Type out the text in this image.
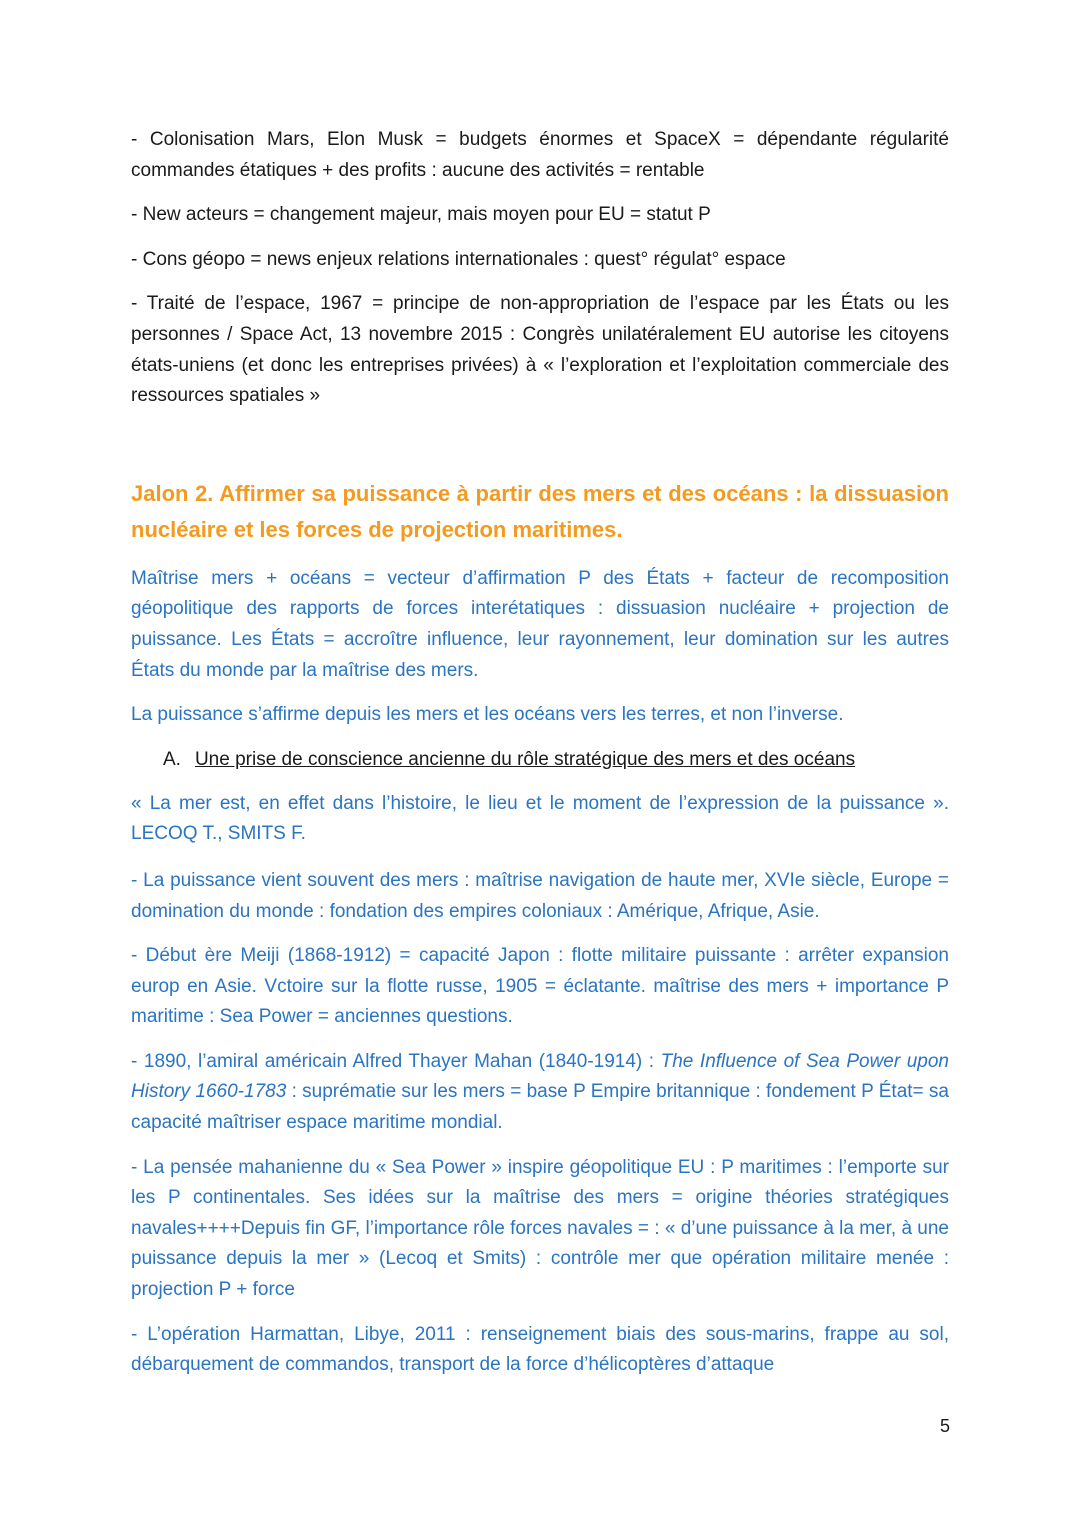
- Colonisation Mars, Elon Musk = budgets énormes et SpaceX = dépendante régularité commandes étatiques + des profits : aucune des activités = rentable

- New acteurs = changement majeur, mais moyen pour EU = statut P

- Cons géopo = news enjeux relations internationales : quest° régulat° espace

- Traité de l’espace, 1967 = principe de non-appropriation de l’espace par les États ou les personnes / Space Act, 13 novembre 2015 : Congrès unilatéralement EU autorise les citoyens états-uniens (et donc les entreprises privées) à « l’exploration et l’exploitation commerciale des ressources spatiales »

Jalon 2. Affirmer sa puissance à partir des mers et des océans : la dissuasion nucléaire et les forces de projection maritimes.

Maîtrise mers + océans = vecteur d’affirmation P des États + facteur de recomposition géopolitique des rapports de forces interétatiques : dissuasion nucléaire + projection de puissance. Les États = accroître influence, leur rayonnement, leur domination sur les autres États du monde par la maîtrise des mers.

La puissance s’affirme depuis les mers et les océans vers les terres, et non l’inverse.

A. Une prise de conscience ancienne du rôle stratégique des mers et des océans

« La mer est, en effet dans l’histoire, le lieu et le moment de l’expression de la puissance ». LECOQ T., SMITS F.

- La puissance vient souvent des mers : maîtrise navigation de haute mer, XVIe siècle, Europe = domination du monde : fondation des empires coloniaux : Amérique, Afrique, Asie.

- Début ère Meiji (1868-1912) = capacité Japon : flotte militaire puissante : arrêter expansion europ en Asie. Vctoire sur la flotte russe, 1905 = éclatante. maîtrise des mers + importance P maritime : Sea Power = anciennes questions.

- 1890, l’amiral américain Alfred Thayer Mahan (1840-1914) : The Influence of Sea Power upon History 1660-1783 : suprématie sur les mers = base P Empire britannique : fondement P État= sa capacité maîtriser espace maritime mondial.

- La pensée mahanienne du « Sea Power » inspire géopolitique EU : P maritimes : l’emporte sur les P continentales. Ses idées sur la maîtrise des mers = origine théories stratégiques navales++++Depuis fin GF, l’importance rôle forces navales = : « d’une puissance à la mer, à une puissance depuis la mer » (Lecoq et Smits) : contrôle mer que opération militaire menée : projection P + force

- L’opération Harmattan, Libye, 2011 : renseignement biais des sous-marins, frappe au sol, débarquement de commandos, transport de la force d’hélicoptères d’attaque

5
